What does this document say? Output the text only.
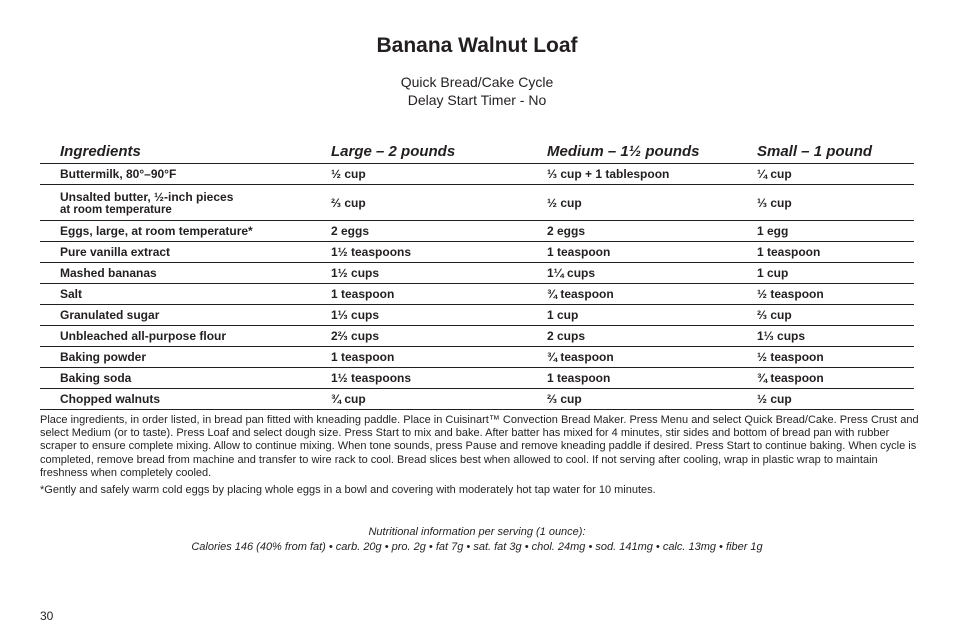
Banana Walnut Loaf
Quick Bread/Cake Cycle
Delay Start Timer - No
Ingredients	Large – 2 pounds	Medium – 1½ pounds	Small – 1 pound
Buttermilk, 80°–90°F	½ cup	⅓ cup + 1 tablespoon	¼ cup

Unsalted butter, ½-inch pieces
at room temperature	⅔ cup	½ cup	⅓ cup
Eggs, large, at room temperature*	2 eggs	2 eggs	1 egg
Pure vanilla extract	1½ teaspoons	1 teaspoon	1 teaspoon
Mashed bananas	1½ cups	1¼ cups	1 cup
Salt	1 teaspoon	¾ teaspoon	½ teaspoon
Granulated sugar	1⅓ cups	1 cup	⅔ cup
Unbleached all-purpose flour	2⅔ cups	2 cups	1⅓ cups
Baking powder	1 teaspoon	¾ teaspoon	½ teaspoon
Baking soda	1½ teaspoons	1 teaspoon	¾ teaspoon
Chopped walnuts	¾ cup	⅔ cup	½ cup
Place ingredients, in order listed, in bread pan fitted with kneading paddle. Place in Cuisinart™ Convection Bread Maker. Press Menu and select Quick Bread/Cake. Press Crust and select Medium (or to taste). Press Loaf and select dough size. Press Start to mix and bake. After batter has mixed for 4 minutes, stir sides and bottom of bread pan with rubber scraper to ensure complete mixing. Allow to continue mixing. When tone sounds, press Pause and remove kneading paddle if desired. Press Start to continue baking. When cycle is completed, remove bread from machine and transfer to wire rack to cool. Bread slices best when allowed to cool. If not serving after cooling, wrap in plastic wrap to maintain freshness when completely cooled.
*Gently and safely warm cold eggs by placing whole eggs in a bowl and covering with moderately hot tap water for 10 minutes.
Nutritional information per serving (1 ounce):
Calories 146 (40% from fat) • carb. 20g • pro. 2g • fat 7g • sat. fat 3g • chol. 24mg • sod. 141mg • calc. 13mg • fiber 1g
30
